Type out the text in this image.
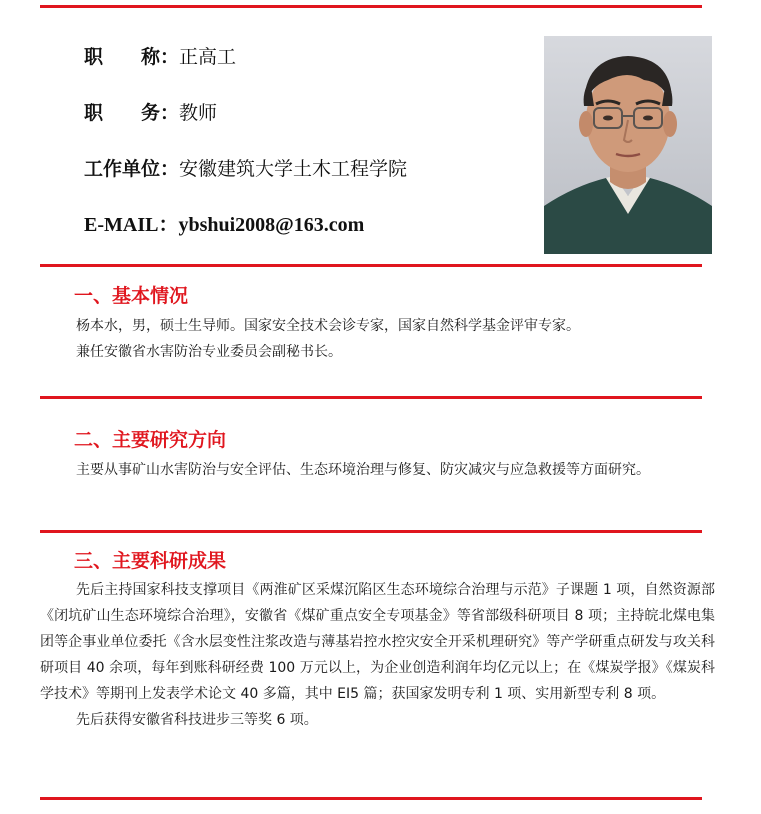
职　　称：正高工
职　　务：教师
工作单位：安徽建筑大学土木工程学院
E-MAIL：ybshui2008@163.com
一、基本情况

杨本水，男，硕士生导师。国家安全技术会诊专家，国家自然科学基金评审专家。

兼任安徽省水害防治专业委员会副秘书长。

二、主要研究方向

主要从事矿山水害防治与安全评估、生态环境治理与修复、防灾减灾与应急救援等方面研究。

三、主要科研成果

先后主持国家科技支撑项目《两淮矿区采煤沉陷区生态环境综合治理与示范》子课题 1 项，自然资源部《闭坑矿山生态环境综合治理》，安徽省《煤矿重点安全专项基金》等省部级科研项目 8 项；主持皖北煤电集团等企事业单位委托《含水层变性注浆改造与薄基岩控水控灾安全开采机理研究》等产学研重点研发与攻关科研项目 40 余项，每年到账科研经费 100 万元以上，为企业创造利润年均亿元以上；在《煤炭学报》《煤炭科学技术》等期刊上发表学术论文 40 多篇，其中 EI5 篇；获国家发明专利 1 项、实用新型专利 8 项。

先后获得安徽省科技进步三等奖 6 项。
